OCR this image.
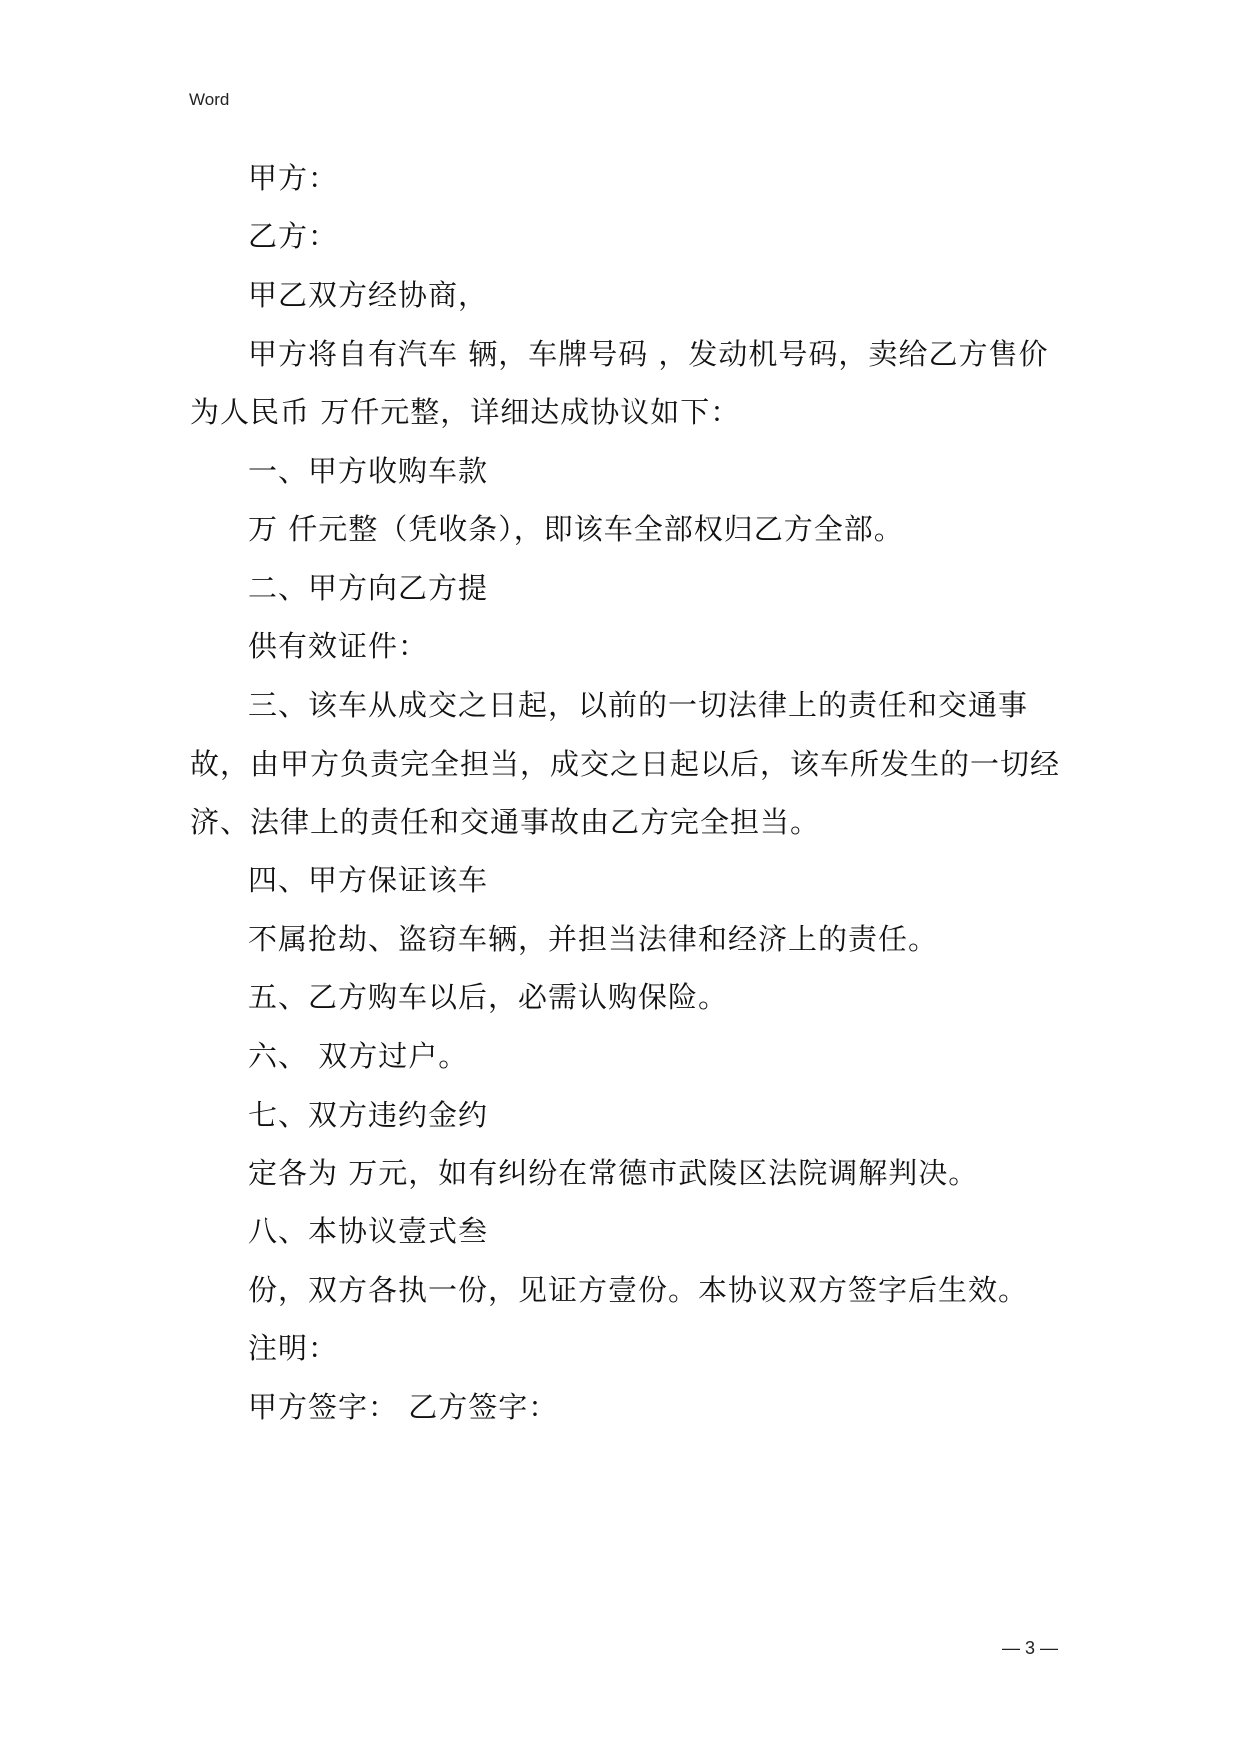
Word
甲方：
乙方：
甲乙双方经协商，
甲方将自有汽车 辆，车牌号码 ，发动机号码，卖给乙方售价
为人民币 万仟元整，详细达成协议如下：
一、甲方收购车款
万 仟元整（凭收条），即该车全部权归乙方全部。
二、甲方向乙方提
供有效证件：
三、该车从成交之日起，以前的一切法律上的责任和交通事
故，由甲方负责完全担当，成交之日起以后，该车所发生的一切经
济、法律上的责任和交通事故由乙方完全担当。
四、甲方保证该车
不属抢劫、盗窃车辆，并担当法律和经济上的责任。
五、乙方购车以后，必需认购保险。
六、 双方过户。
七、双方违约金约
定各为 万元，如有纠纷在常德市武陵区法院调解判决。
八、本协议壹式叁
份，双方各执一份，见证方壹份。本协议双方签字后生效。
注明：
甲方签字： 乙方签字：
— 3 —
